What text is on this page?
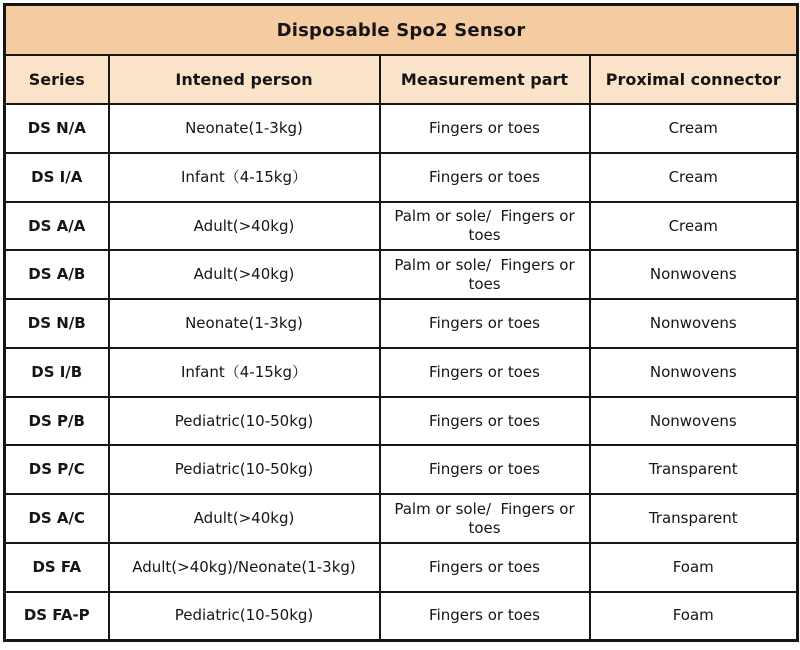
Disposable Spo2 Sensor			
Series	Intened person	Measurement part	Proximal connector
DS N/A	Neonate(1-3kg)	Fingers or toes	Cream
DS I/A	Infant（4-15kg）	Fingers or toes	Cream
DS A/A	Adult(>40kg)	Palm or sole/  Fingers or toes	Cream
DS A/B	Adult(>40kg)	Palm or sole/  Fingers or toes	Nonwovens
DS N/B	Neonate(1-3kg)	Fingers or toes	Nonwovens
DS I/B	Infant（4-15kg）	Fingers or toes	Nonwovens
DS P/B	Pediatric(10-50kg)	Fingers or toes	Nonwovens
DS P/C	Pediatric(10-50kg)	Fingers or toes	Transparent
DS A/C	Adult(>40kg)	Palm or sole/  Fingers or toes	Transparent
DS FA	Adult(>40kg)/Neonate(1-3kg)	Fingers or toes	Foam
DS FA-P	Pediatric(10-50kg)	Fingers or toes	Foam
